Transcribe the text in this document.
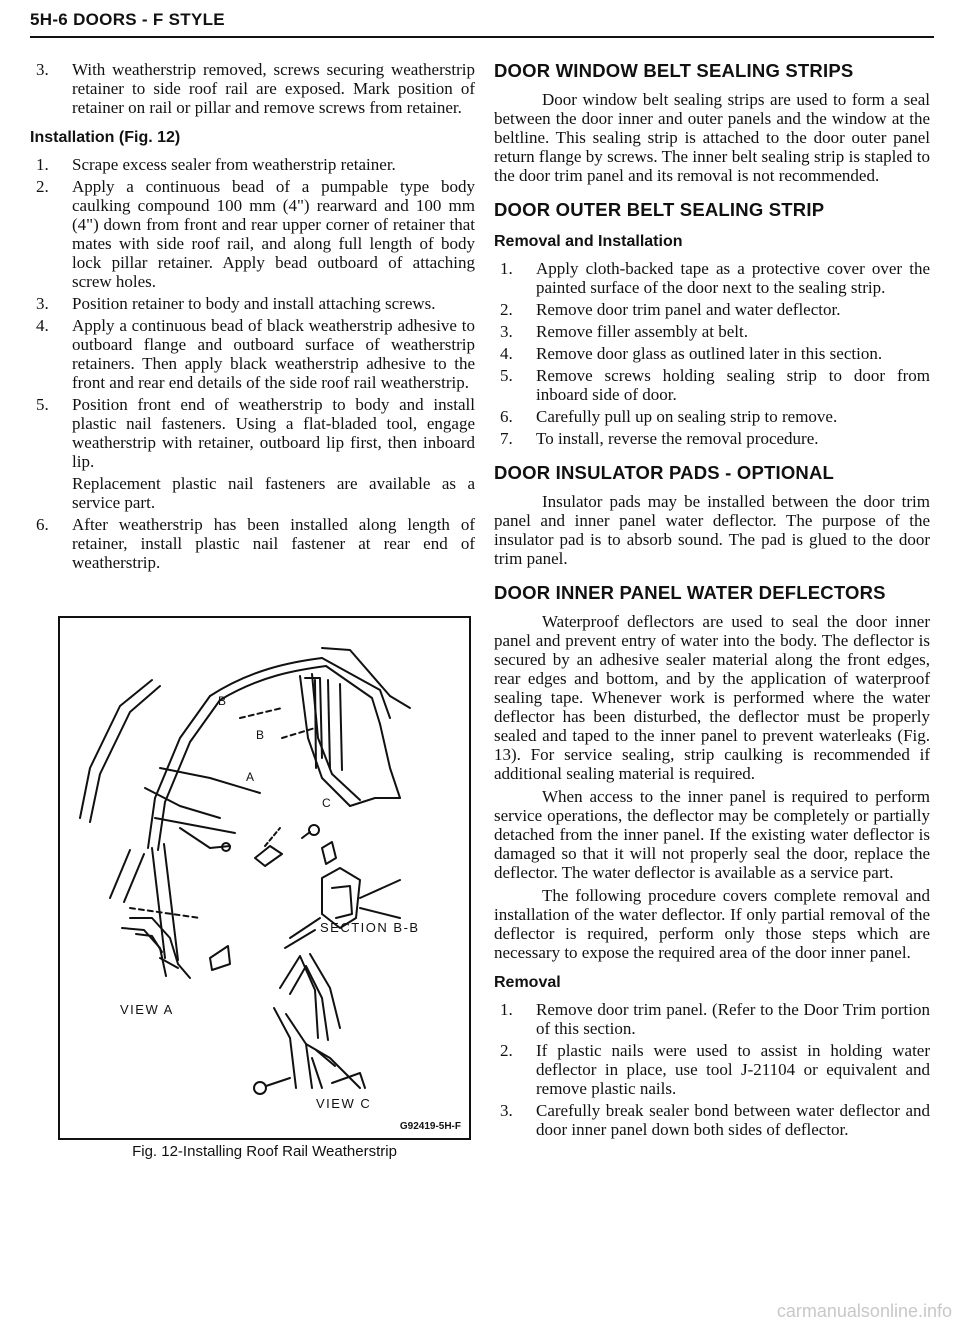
5H-6 DOORS - F STYLE
3.	With weatherstrip removed, screws securing weatherstrip retainer to side roof rail are exposed. Mark position of retainer on rail or pillar and remove screws from retainer.
Installation (Fig. 12)
1.	Scrape excess sealer from weatherstrip retainer.
2.	Apply a continuous bead of a pumpable type body caulking compound 100 mm (4") rearward and 100 mm (4") down from front and rear upper corner of retainer that mates with side roof rail, and along full length of body lock pillar retainer. Apply bead outboard of attaching screw holes.
3.	Position retainer to body and install attaching screws.
4.	Apply a continuous bead of black weatherstrip adhesive to outboard flange and outboard surface of weatherstrip retainers. Then apply black weatherstrip adhesive to the front and rear end details of the side roof rail weatherstrip.
5.	Position front end of weatherstrip to body and install plastic nail fasteners. Using a flat-bladed tool, engage weatherstrip with retainer, outboard lip first, then inboard lip.

Replacement plastic nail fasteners are available as a service part.

6.	After weatherstrip has been installed along length of retainer, install plastic nail fastener at rear end of weatherstrip.
B
B
A
C
SECTION B-B
VIEW A
VIEW C
G92419-5H-F
Fig. 12-Installing Roof Rail Weatherstrip
DOOR WINDOW BELT SEALING STRIPS

Door window belt sealing strips are used to form a seal between the door inner and outer panels and the window at the beltline. This sealing strip is attached to the door outer panel return flange by screws. The inner belt sealing strip is stapled to the door trim panel and its removal is not recommended.

DOOR OUTER BELT SEALING STRIP
Removal and Installation
1.	Apply cloth-backed tape as a protective cover over the painted surface of the door next to the sealing strip.
2.	Remove door trim panel and water deflector.
3.	Remove filler assembly at belt.
4.	Remove door glass as outlined later in this section.
5.	Remove screws holding sealing strip to door from inboard side of door.
6.	Carefully pull up on sealing strip to remove.
7.	To install, reverse the removal procedure.
DOOR INSULATOR PADS - OPTIONAL

Insulator pads may be installed between the door trim panel and inner panel water deflector. The purpose of the insulator pad is to absorb sound. The pad is glued to the door trim panel.

DOOR INNER PANEL WATER DEFLECTORS

Waterproof deflectors are used to seal the door inner panel and prevent entry of water into the body. The deflector is secured by an adhesive sealer material along the front edges, rear edges and bottom, and by the application of waterproof sealing tape. Whenever work is performed where the water deflector has been disturbed, the deflector must be properly sealed and taped to the inner panel to prevent waterleaks (Fig. 13). For service sealing, strip caulking is recommended if additional sealing material is required.

When access to the inner panel is required to perform service operations, the deflector may be completely or partially detached from the inner panel. If the existing water deflector is damaged so that it will not properly seal the door, replace the deflector. The water deflector is available as a service part.

The following procedure covers complete removal and installation of the water deflector. If only partial removal of the deflector is required, perform only those steps which are necessary to expose the required area of the door inner panel.

Removal
1.	Remove door trim panel. (Refer to the Door Trim portion of this section.
2.	If plastic nails were used to assist in holding water deflector in place, use tool J-21104 or equivalent and remove plastic nails.
3.	Carefully break sealer bond between water deflector and door inner panel down both sides of deflector.
carmanualsonline.info
